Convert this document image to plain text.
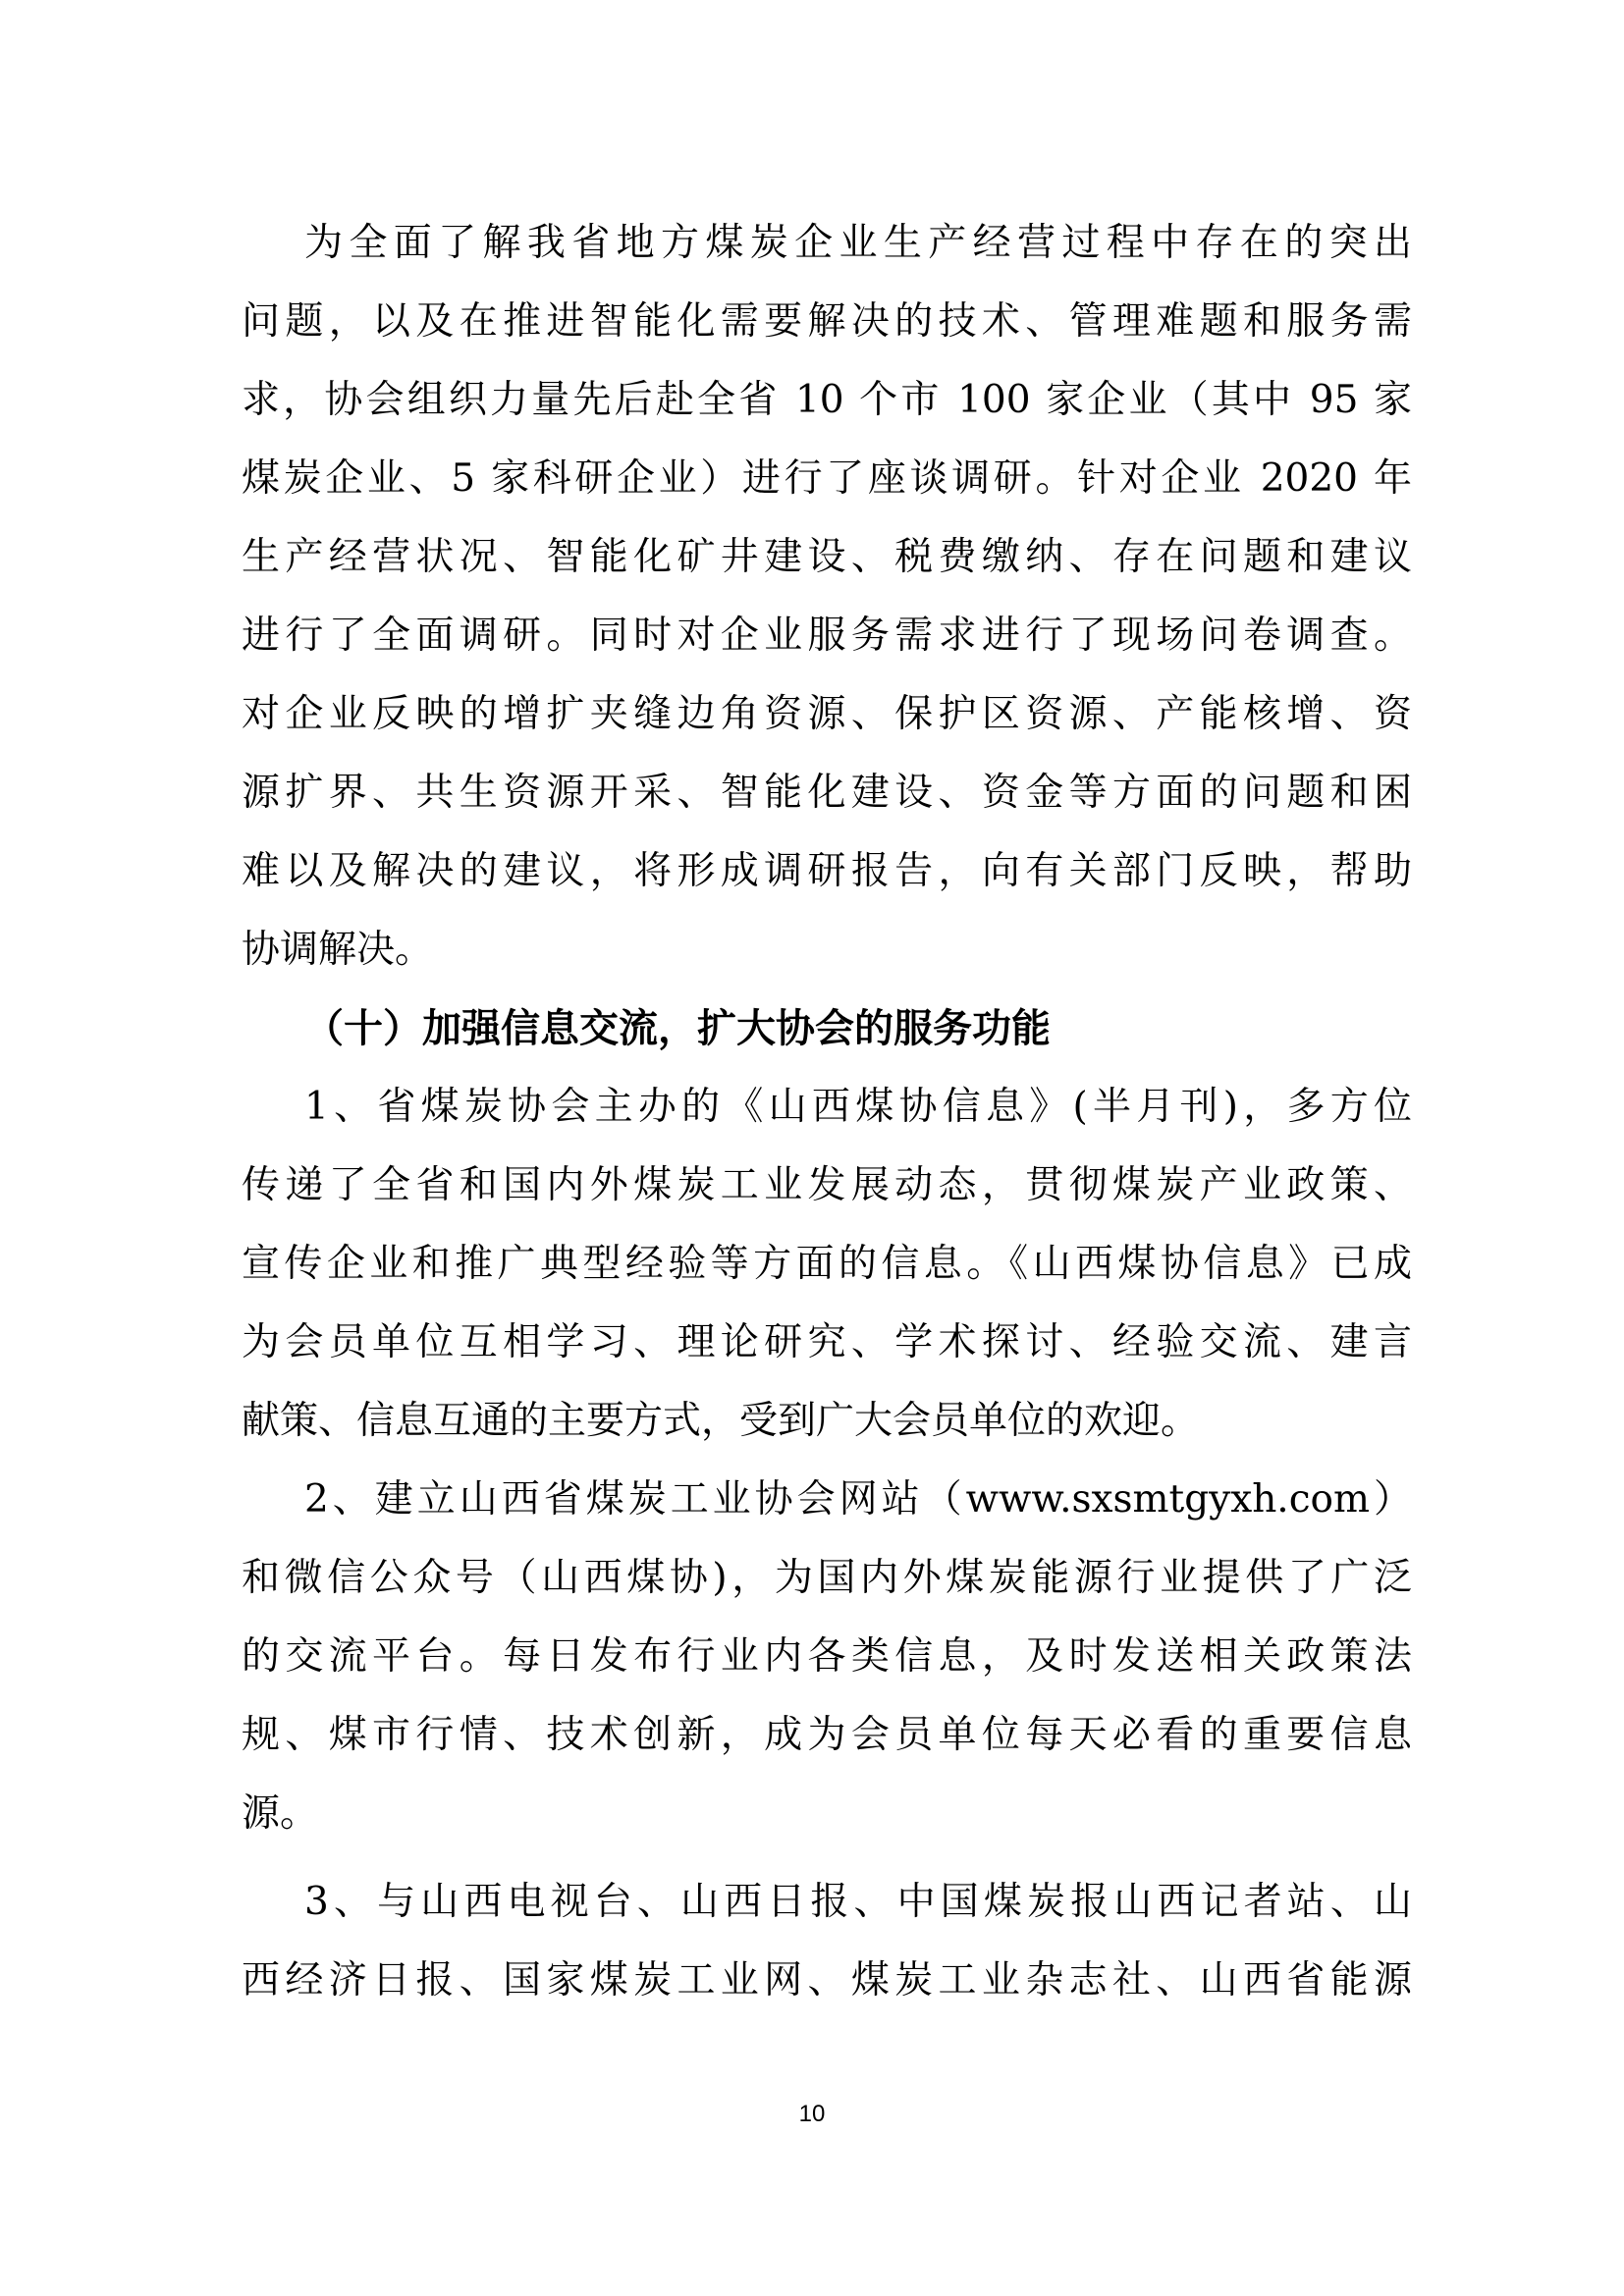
为全面了解我省地方煤炭企业生产经营过程中存在的突出
问题，以及在推进智能化需要解决的技术、管理难题和服务需
求，协会组织力量先后赴全省 10 个市 100 家企业（其中 95 家
煤炭企业、5 家科研企业）进行了座谈调研。针对企业 2020 年
生产经营状况、智能化矿井建设、税费缴纳、存在问题和建议
进行了全面调研。同时对企业服务需求进行了现场问卷调查。
对企业反映的增扩夹缝边角资源、保护区资源、产能核增、资
源扩界、共生资源开采、智能化建设、资金等方面的问题和困
难以及解决的建议，将形成调研报告，向有关部门反映，帮助
协调解决。
（十）加强信息交流，扩大协会的服务功能
1、省煤炭协会主办的《山西煤协信息》(半月刊)，多方位
传递了全省和国内外煤炭工业发展动态，贯彻煤炭产业政策、
宣传企业和推广典型经验等方面的信息。《山西煤协信息》已成
为会员单位互相学习、理论研究、学术探讨、经验交流、建言
献策、信息互通的主要方式，受到广大会员单位的欢迎。
2、建立山西省煤炭工业协会网站（www.sxsmtgyxh.com）
和微信公众号（山西煤协)，为国内外煤炭能源行业提供了广泛
的交流平台。每日发布行业内各类信息，及时发送相关政策法
规、煤市行情、技术创新，成为会员单位每天必看的重要信息
源。
3、与山西电视台、山西日报、中国煤炭报山西记者站、山
西经济日报、国家煤炭工业网、煤炭工业杂志社、山西省能源
10
